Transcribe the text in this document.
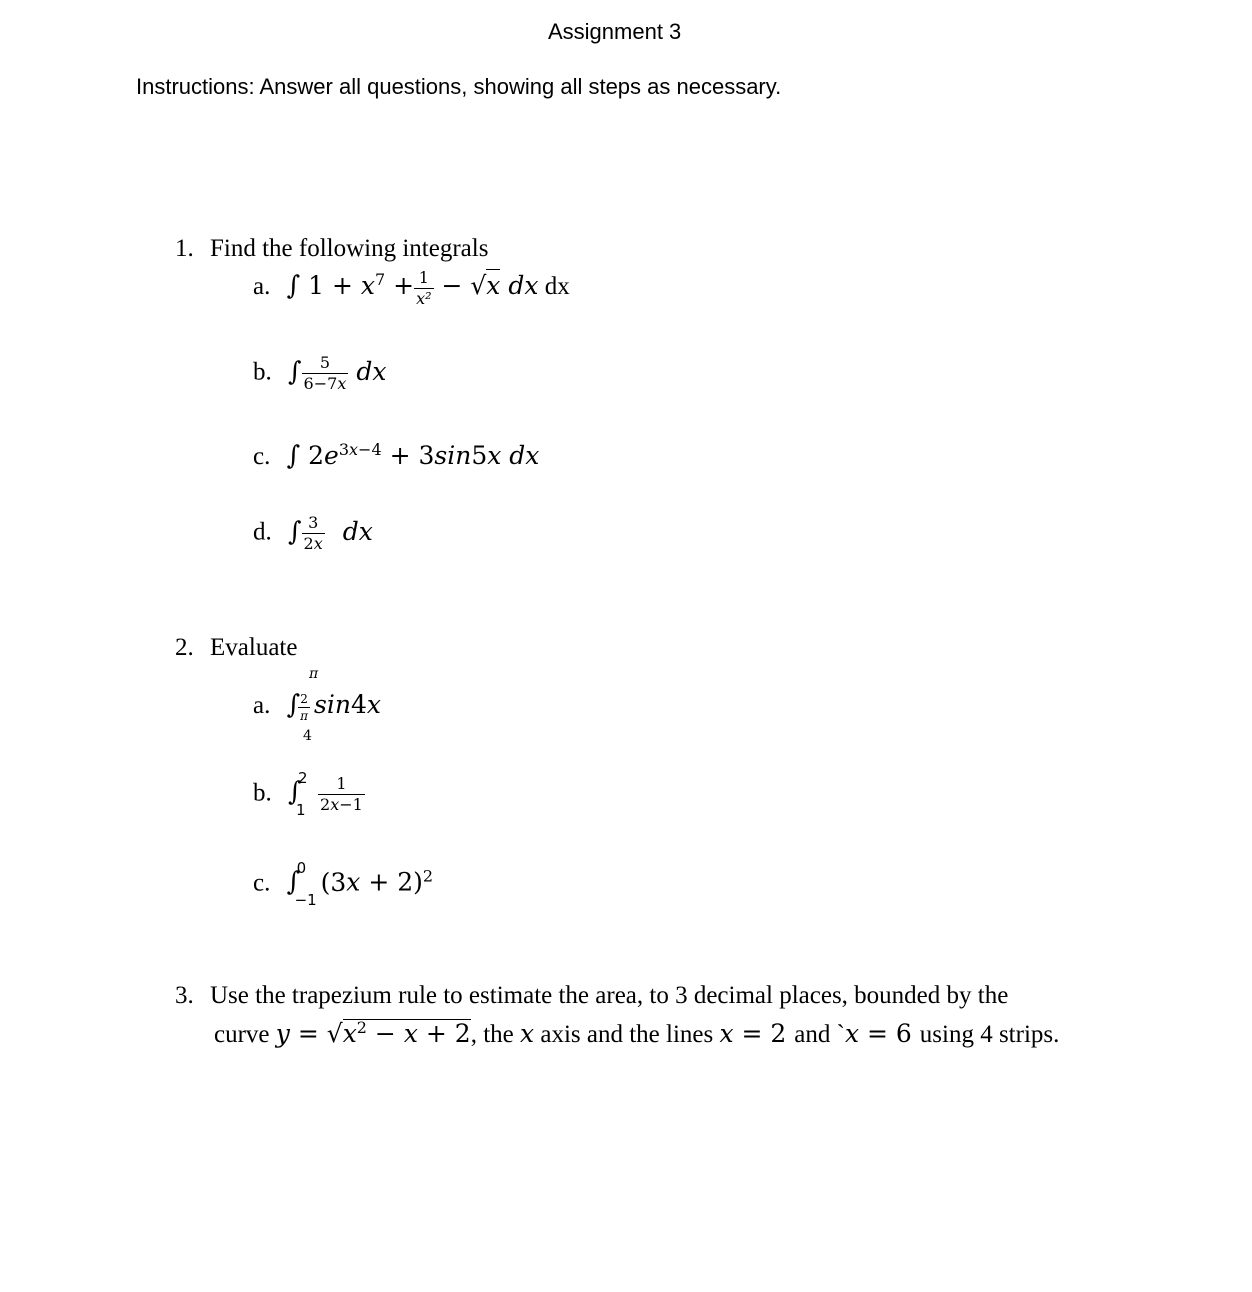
Assignment 3
Instructions: Answer all questions, showing all steps as necessary.
1. Find the following integrals
a. ∫ $1 + x^7 + \frac{1}{\text{x²}} - √x$ dx dx
b. ∫ $\frac{5}{6-7x}$ dx
c. ∫ $2e^{3x-4} + 3\sin 5x$ dx
d. ∫ $\frac{3}{2x}$ dx
2. Evaluate
π
a. ∫
$\frac{2}{\pi} \sin 4x$
4
b. ∫
2
$1 \frac{1}{2x-1}$
c. ∫
0
−1
$(3x + 2)^2$
3. Use the trapezium rule to estimate the area, to 3 decimal places, bounded by the
curve $y = √x^2 - x + 2$, the x axis and the lines x = 2 and `x = 6 using 4 strips.
